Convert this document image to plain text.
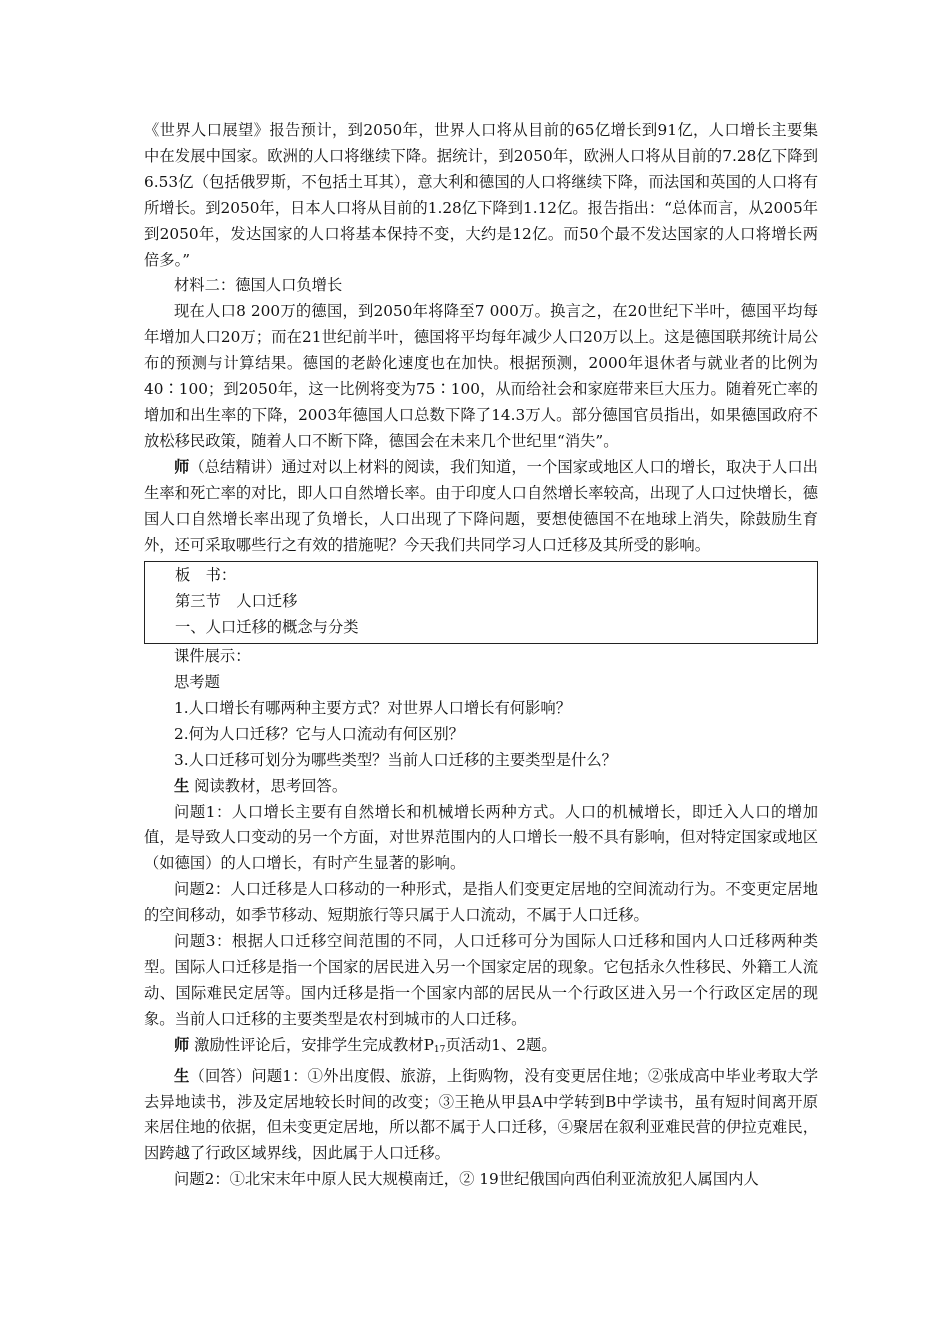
《世界人口展望》报告预计，到2050年，世界人口将从目前的65亿增长到91亿，人口增长主要集中在发展中国家。欧洲的人口将继续下降。据统计，到2050年，欧洲人口将从目前的7.28亿下降到6.53亿（包括俄罗斯，不包括土耳其），意大利和德国的人口将继续下降，而法国和英国的人口将有所增长。到2050年，日本人口将从目前的1.28亿下降到1.12亿。报告指出：“总体而言，从2005年到2050年，发达国家的人口将基本保持不变，大约是12亿。而50个最不发达国家的人口将增长两倍多。”

材料二：德国人口负增长

现在人口8 200万的德国，到2050年将降至7 000万。换言之，在20世纪下半叶，德国平均每年增加人口20万；而在21世纪前半叶，德国将平均每年减少人口20万以上。这是德国联邦统计局公布的预测与计算结果。德国的老龄化速度也在加快。根据预测，2000年退休者与就业者的比例为40∶100；到2050年，这一比例将变为75∶100，从而给社会和家庭带来巨大压力。随着死亡率的增加和出生率的下降，2003年德国人口总数下降了14.3万人。部分德国官员指出，如果德国政府不放松移民政策，随着人口不断下降，德国会在未来几个世纪里“消失”。

师（总结精讲）通过对以上材料的阅读，我们知道，一个国家或地区人口的增长，取决于人口出生率和死亡率的对比，即人口自然增长率。由于印度人口自然增长率较高，出现了人口过快增长，德国人口自然增长率出现了负增长，人口出现了下降问题，要想使德国不在地球上消失，除鼓励生育外，还可采取哪些行之有效的措施呢？今天我们共同学习人口迁移及其所受的影响。

板　书：

第三节　人口迁移

一、人口迁移的概念与分类

课件展示：

思考题

1.人口增长有哪两种主要方式？对世界人口增长有何影响？

2.何为人口迁移？它与人口流动有何区别？

3.人口迁移可划分为哪些类型？当前人口迁移的主要类型是什么？

生 阅读教材，思考回答。

问题1：人口增长主要有自然增长和机械增长两种方式。人口的机械增长，即迁入人口的增加值，是导致人口变动的另一个方面，对世界范围内的人口增长一般不具有影响，但对特定国家或地区（如德国）的人口增长，有时产生显著的影响。

问题2：人口迁移是人口移动的一种形式，是指人们变更定居地的空间流动行为。不变更定居地的空间移动，如季节移动、短期旅行等只属于人口流动，不属于人口迁移。

问题3：根据人口迁移空间范围的不同，人口迁移可分为国际人口迁移和国内人口迁移两种类型。国际人口迁移是指一个国家的居民进入另一个国家定居的现象。它包括永久性移民、外籍工人流动、国际难民定居等。国内迁移是指一个国家内部的居民从一个行政区进入另一个行政区定居的现象。当前人口迁移的主要类型是农村到城市的人口迁移。

师 激励性评论后，安排学生完成教材$P_{17}$页活动1、2题。

生（回答）问题1：①外出度假、旅游，上街购物，没有变更居住地；②张成高中毕业考取大学去异地读书，涉及定居地较长时间的改变；③王艳从甲县A中学转到B中学读书，虽有短时间离开原来居住地的依据，但未变更定居地，所以都不属于人口迁移，④聚居在叙利亚难民营的伊拉克难民，因跨越了行政区域界线，因此属于人口迁移。

问题2：①北宋末年中原人民大规模南迁，② 19世纪俄国向西伯利亚流放犯人属国内人
